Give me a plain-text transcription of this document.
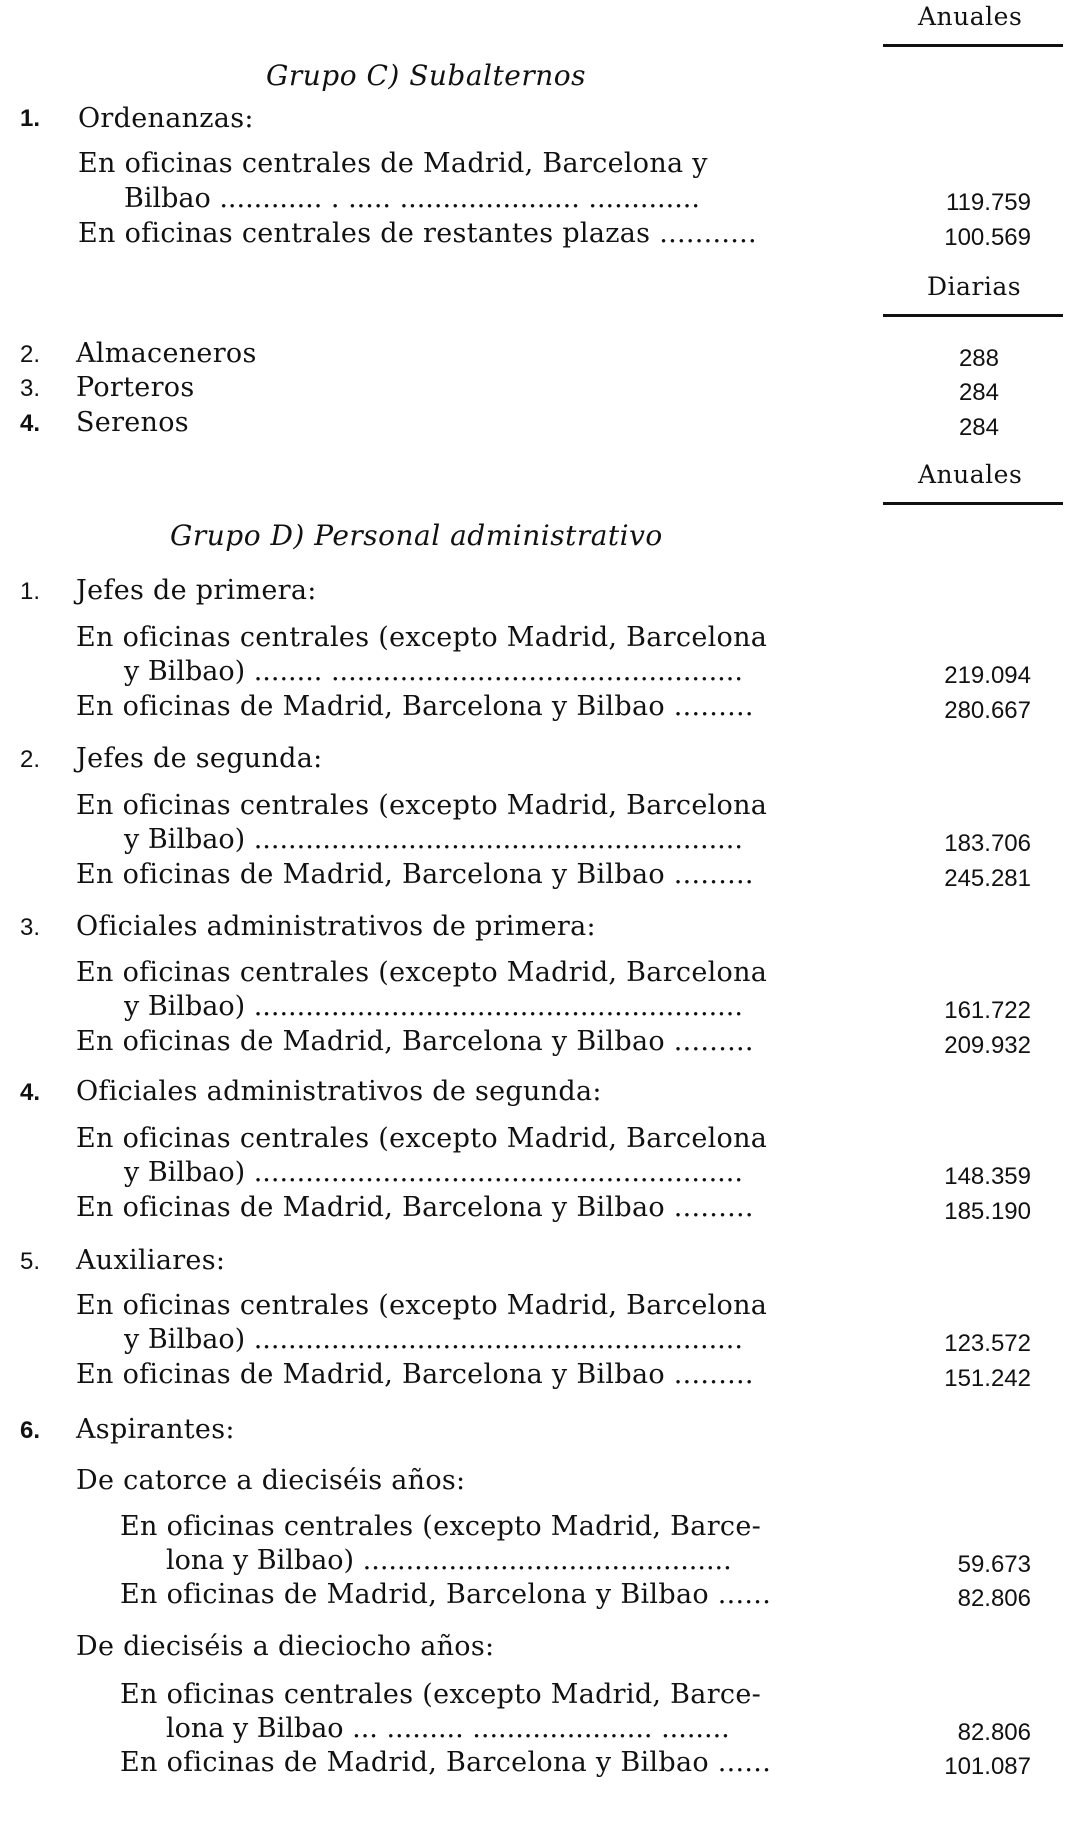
Anuales
Grupo C) Subalternos
1. Ordenanzas:
En oficinas centrales de Madrid, Barcelona y
Bilbao ............ . ..... ..................... .............	119.759
En oficinas centrales de restantes plazas ...........	100.569
Diarias
2. Almaceneros	288
3. Porteros	284
4. Serenos	284
Anuales
Grupo D) Personal administrativo
1. Jefes de primera:
En oficinas centrales (excepto Madrid, Barcelona
y Bilbao) ........ ................................................	219.094
En oficinas de Madrid, Barcelona y Bilbao .........	280.667
2. Jefes de segunda:
En oficinas centrales (excepto Madrid, Barcelona
y Bilbao) .........................................................	183.706
En oficinas de Madrid, Barcelona y Bilbao .........	245.281
3. Oficiales administrativos de primera:
En oficinas centrales (excepto Madrid, Barcelona
y Bilbao) .........................................................	161.722
En oficinas de Madrid, Barcelona y Bilbao .........	209.932
4. Oficiales administrativos de segunda:
En oficinas centrales (excepto Madrid, Barcelona
y Bilbao) .........................................................	148.359
En oficinas de Madrid, Barcelona y Bilbao .........	185.190
5. Auxiliares:
En oficinas centrales (excepto Madrid, Barcelona
y Bilbao) .........................................................	123.572
En oficinas de Madrid, Barcelona y Bilbao .........	151.242
6. Aspirantes:
De catorce a dieciséis años:
En oficinas centrales (excepto Madrid, Barce-
lona y Bilbao) ...........................................	59.673
En oficinas de Madrid, Barcelona y Bilbao ......	82.806
De dieciséis a dieciocho años:
En oficinas centrales (excepto Madrid, Barce-
lona y Bilbao ... ......... ..................... ........	82.806
En oficinas de Madrid, Barcelona y Bilbao ......	101.087
